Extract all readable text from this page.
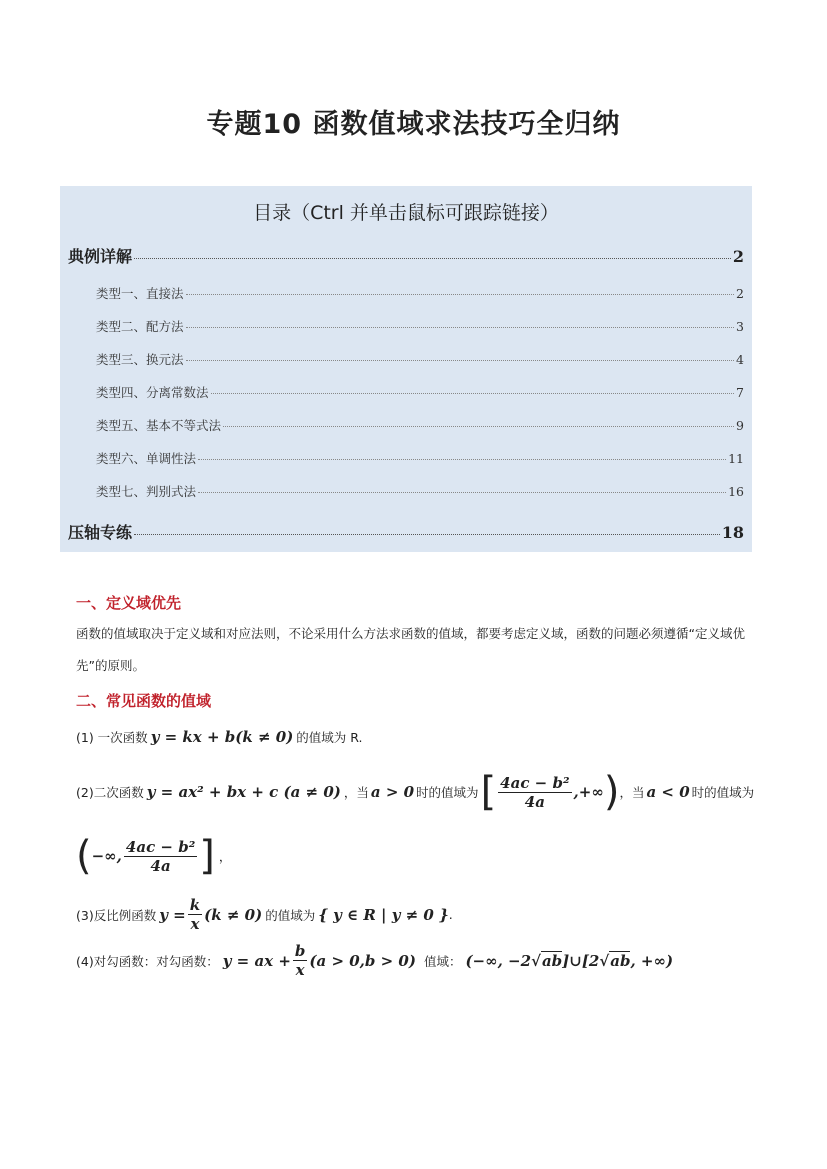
专题10 函数值域求法技巧全归纳
目录（Ctrl 并单击鼠标可跟踪链接）
典例详解	2
类型一、直接法	2
类型二、配方法	3
类型三、换元法	4
类型四、分离常数法	7
类型五、基本不等式法	9
类型六、单调性法	11
类型七、判别式法	16
压轴专练	18
一、定义域优先
函数的值域取决于定义域和对应法则，不论采用什么方法求函数的值域，都要考虑定义域，函数的问题必须遵循“定义域优先”的原则。
二、常见函数的值域
(1) 一次函数 y = kx + b(k ≠ 0) 的值域为 R.
(2)二次函数 y = ax² + bx + c (a ≠ 0) ，当 a > 0 时的值域为 [ $\frac{\text{4ac − b²}}{4a}$ ,+∞ ) ，当 a < 0 时的值域为
( −∞, $\frac{\text{4ac − b²}}{4a}$ ] ，
(3)反比例函数 $y = \frac{k}{x} (k \ne 0)$ 的值域为 { y ∈ R | y ≠ 0 } .
(4)对勾函数：对勾函数： y = ax + $\frac{b}{x} (a > 0,b > 0)$ 值域： (−∞, −2 √ ab ]∪[ 2 √ ab , +∞)
